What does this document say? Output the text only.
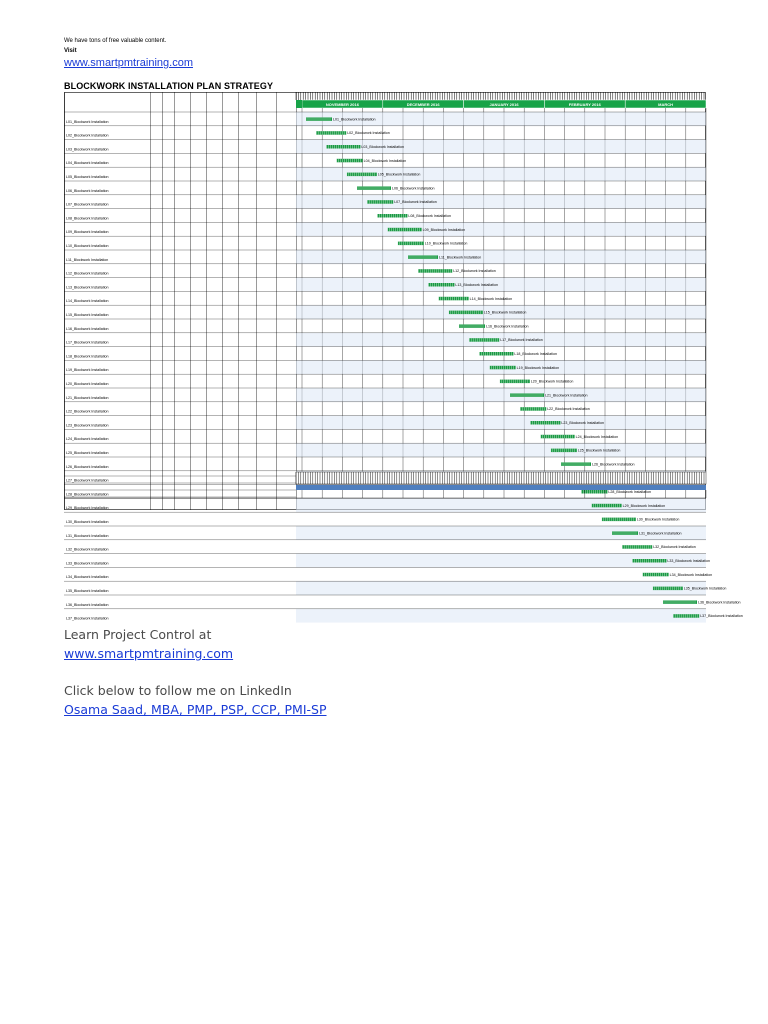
We have tons of free valuable content.
Visit
www.smartpmtraining.com
BLOCKWORK INSTALLATION PLAN STRATEGY
NOVEMBER 2016	DECEMBER 2016	JANUARY 2016	FEBRUARY 2016	MARCH
L01_Blockwork Installation
L01_Blockwork Installation
L02_Blockwork Installation
L02_Blockwork Installation
L03_Blockwork Installation
L03_Blockwork Installation
L04_Blockwork Installation
L04_Blockwork Installation
L05_Blockwork Installation
L05_Blockwork Installation
L06_Blockwork Installation
L06_Blockwork Installation
L07_Blockwork Installation
L07_Blockwork Installation
L08_Blockwork Installation
L08_Blockwork Installation
L09_Blockwork Installation
L09_Blockwork Installation
L10_Blockwork Installation
L10_Blockwork Installation
L11_Blockwork Installation
L11_Blockwork Installation
L12_Blockwork Installation
L12_Blockwork Installation
L13_Blockwork Installation
L13_Blockwork Installation
L14_Blockwork Installation
L14_Blockwork Installation
L15_Blockwork Installation
L15_Blockwork Installation
L16_Blockwork Installation
L16_Blockwork Installation
L17_Blockwork Installation
L17_Blockwork Installation
L18_Blockwork Installation
L18_Blockwork Installation
L19_Blockwork Installation
L19_Blockwork Installation
L20_Blockwork Installation
L20_Blockwork Installation
L21_Blockwork Installation
L21_Blockwork Installation
L22_Blockwork Installation
L22_Blockwork Installation
L23_Blockwork Installation
L23_Blockwork Installation
L24_Blockwork Installation
L24_Blockwork Installation
L25_Blockwork Installation
L25_Blockwork Installation
L26_Blockwork Installation
L26_Blockwork Installation
L27_Blockwork Installation
L28_Blockwork Installation
L28_Blockwork Installation
L29_Blockwork Installation
L29_Blockwork Installation
L30_Blockwork Installation
L30_Blockwork Installation
L31_Blockwork Installation
L31_Blockwork Installation
L32_Blockwork Installation
L32_Blockwork Installation
L33_Blockwork Installation
L33_Blockwork Installation
L34_Blockwork Installation
L34_Blockwork Installation
L35_Blockwork Installation
L35_Blockwork Installation
L36_Blockwork Installation
L36_Blockwork Installation
L37_Blockwork Installation
L37_Blockwork Installation
Learn Project Control at
www.smartpmtraining.com
Click below to follow me on LinkedIn
Osama Saad, MBA, PMP, PSP, CCP, PMI-SP
